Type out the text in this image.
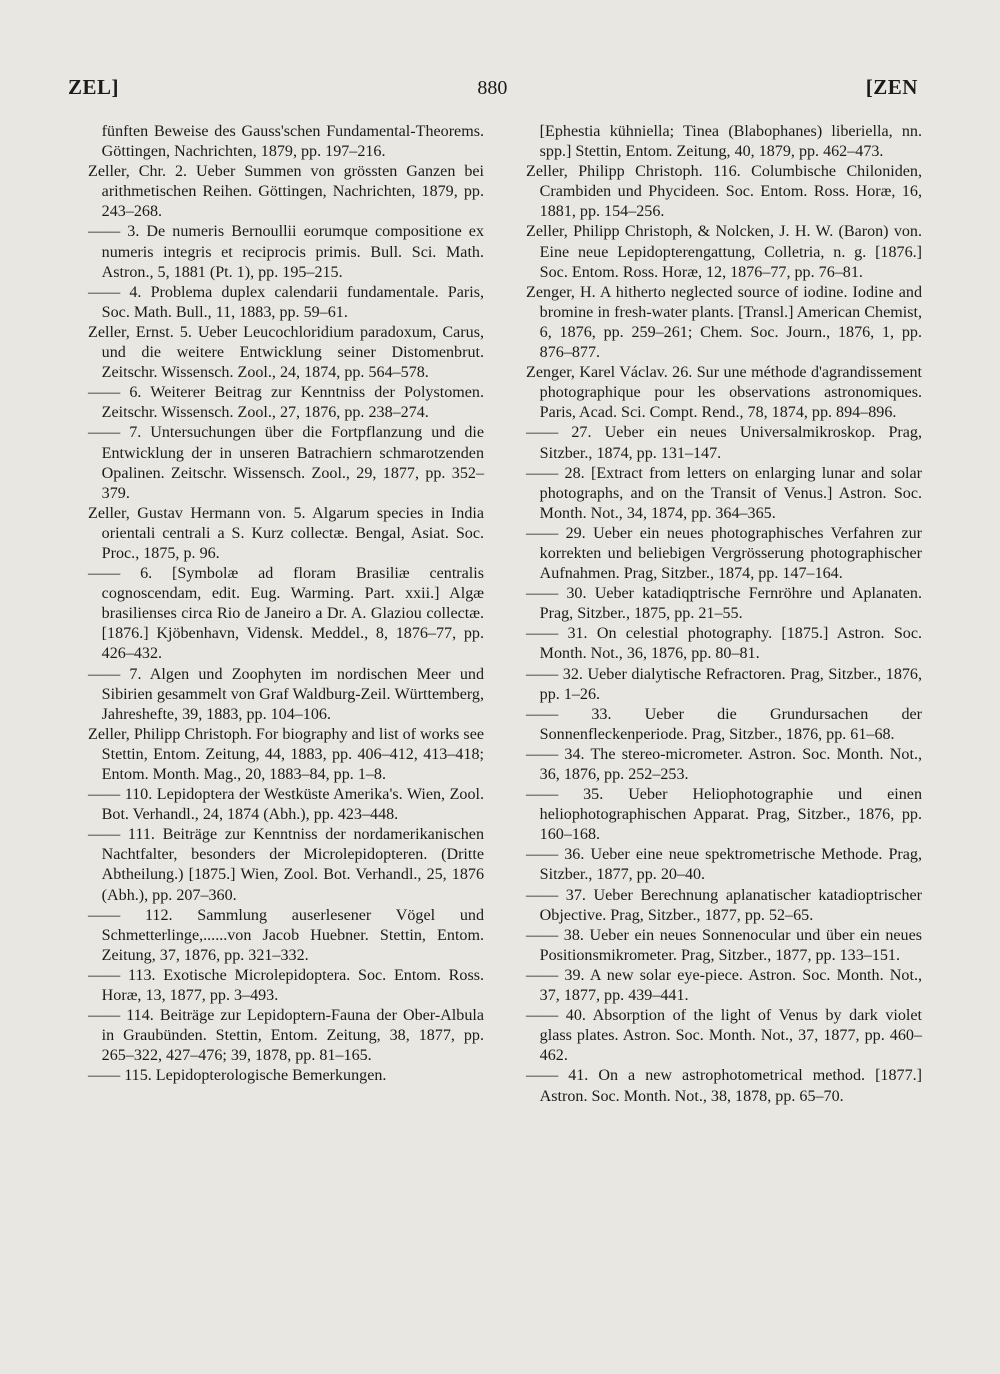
ZEL]	880	[ZEN

fünften Beweise des Gauss'schen Fundamental-Theorems. Göttingen, Nachrichten, 1879, pp. 197–216.

Zeller, Chr. 2. Ueber Summen von grössten Ganzen bei arithmetischen Reihen. Göttingen, Nachrichten, 1879, pp. 243–268.

—— 3. De numeris Bernoullii eorumque compositione ex numeris integris et reciprocis primis. Bull. Sci. Math. Astron., 5, 1881 (Pt. 1), pp. 195–215.

—— 4. Problema duplex calendarii fundamentale. Paris, Soc. Math. Bull., 11, 1883, pp. 59–61.

Zeller, Ernst. 5. Ueber Leucochloridium paradoxum, Carus, und die weitere Entwicklung seiner Distomenbrut. Zeitschr. Wissensch. Zool., 24, 1874, pp. 564–578.

—— 6. Weiterer Beitrag zur Kenntniss der Polystomen. Zeitschr. Wissensch. Zool., 27, 1876, pp. 238–274.

—— 7. Untersuchungen über die Fortpflanzung und die Entwicklung der in unseren Batrachiern schmarotzenden Opalinen. Zeitschr. Wissensch. Zool., 29, 1877, pp. 352–379.

Zeller, Gustav Hermann von. 5. Algarum species in India orientali centrali a S. Kurz collectæ. Bengal, Asiat. Soc. Proc., 1875, p. 96.

—— 6. [Symbolæ ad floram Brasiliæ centralis cognoscendam, edit. Eug. Warming. Part. xxii.] Algæ brasilienses circa Rio de Janeiro a Dr. A. Glaziou collectæ. [1876.] Kjöbenhavn, Vidensk. Meddel., 8, 1876–77, pp. 426–432.

—— 7. Algen und Zoophyten im nordischen Meer und Sibirien gesammelt von Graf Waldburg-Zeil. Württemberg, Jahreshefte, 39, 1883, pp. 104–106.

Zeller, Philipp Christoph. For biography and list of works see Stettin, Entom. Zeitung, 44, 1883, pp. 406–412, 413–418; Entom. Month. Mag., 20, 1883–84, pp. 1–8.

—— 110. Lepidoptera der Westküste Amerika's. Wien, Zool. Bot. Verhandl., 24, 1874 (Abh.), pp. 423–448.

—— 111. Beiträge zur Kenntniss der nordamerikanischen Nachtfalter, besonders der Microlepidopteren. (Dritte Abtheilung.) [1875.] Wien, Zool. Bot. Verhandl., 25, 1876 (Abh.), pp. 207–360.

—— 112. Sammlung auserlesener Vögel und Schmetterlinge,......von Jacob Huebner. Stettin, Entom. Zeitung, 37, 1876, pp. 321–332.

—— 113. Exotische Microlepidoptera. Soc. Entom. Ross. Horæ, 13, 1877, pp. 3–493.

—— 114. Beiträge zur Lepidoptern-Fauna der Ober-Albula in Graubünden. Stettin, Entom. Zeitung, 38, 1877, pp. 265–322, 427–476; 39, 1878, pp. 81–165.

—— 115. Lepidopterologische Bemerkungen.

[Ephestia kühniella; Tinea (Blabophanes) liberiella, nn. spp.] Stettin, Entom. Zeitung, 40, 1879, pp. 462–473.

Zeller, Philipp Christoph. 116. Columbische Chiloniden, Crambiden und Phycideen. Soc. Entom. Ross. Horæ, 16, 1881, pp. 154–256.

Zeller, Philipp Christoph, & Nolcken, J. H. W. (Baron) von. Eine neue Lepidopterengattung, Colletria, n. g. [1876.] Soc. Entom. Ross. Horæ, 12, 1876–77, pp. 76–81.

Zenger, H. A hitherto neglected source of iodine. Iodine and bromine in fresh-water plants. [Transl.] American Chemist, 6, 1876, pp. 259–261; Chem. Soc. Journ., 1876, 1, pp. 876–877.

Zenger, Karel Václav. 26. Sur une méthode d'agrandissement photographique pour les observations astronomiques. Paris, Acad. Sci. Compt. Rend., 78, 1874, pp. 894–896.

—— 27. Ueber ein neues Universalmikroskop. Prag, Sitzber., 1874, pp. 131–147.

—— 28. [Extract from letters on enlarging lunar and solar photographs, and on the Transit of Venus.] Astron. Soc. Month. Not., 34, 1874, pp. 364–365.

—— 29. Ueber ein neues photographisches Verfahren zur korrekten und beliebigen Vergrösserung photographischer Aufnahmen. Prag, Sitzber., 1874, pp. 147–164.

—— 30. Ueber katadiqptrische Fernröhre und Aplanaten. Prag, Sitzber., 1875, pp. 21–55.

—— 31. On celestial photography. [1875.] Astron. Soc. Month. Not., 36, 1876, pp. 80–81.

—— 32. Ueber dialytische Refractoren. Prag, Sitzber., 1876, pp. 1–26.

—— 33. Ueber die Grundursachen der Sonnenfleckenperiode. Prag, Sitzber., 1876, pp. 61–68.

—— 34. The stereo-micrometer. Astron. Soc. Month. Not., 36, 1876, pp. 252–253.

—— 35. Ueber Heliophotographie und einen heliophotographischen Apparat. Prag, Sitzber., 1876, pp. 160–168.

—— 36. Ueber eine neue spektrometrische Methode. Prag, Sitzber., 1877, pp. 20–40.

—— 37. Ueber Berechnung aplanatischer katadioptrischer Objective. Prag, Sitzber., 1877, pp. 52–65.

—— 38. Ueber ein neues Sonnenocular und über ein neues Positionsmikrometer. Prag, Sitzber., 1877, pp. 133–151.

—— 39. A new solar eye-piece. Astron. Soc. Month. Not., 37, 1877, pp. 439–441.

—— 40. Absorption of the light of Venus by dark violet glass plates. Astron. Soc. Month. Not., 37, 1877, pp. 460–462.

—— 41. On a new astrophotometrical method. [1877.] Astron. Soc. Month. Not., 38, 1878, pp. 65–70.
